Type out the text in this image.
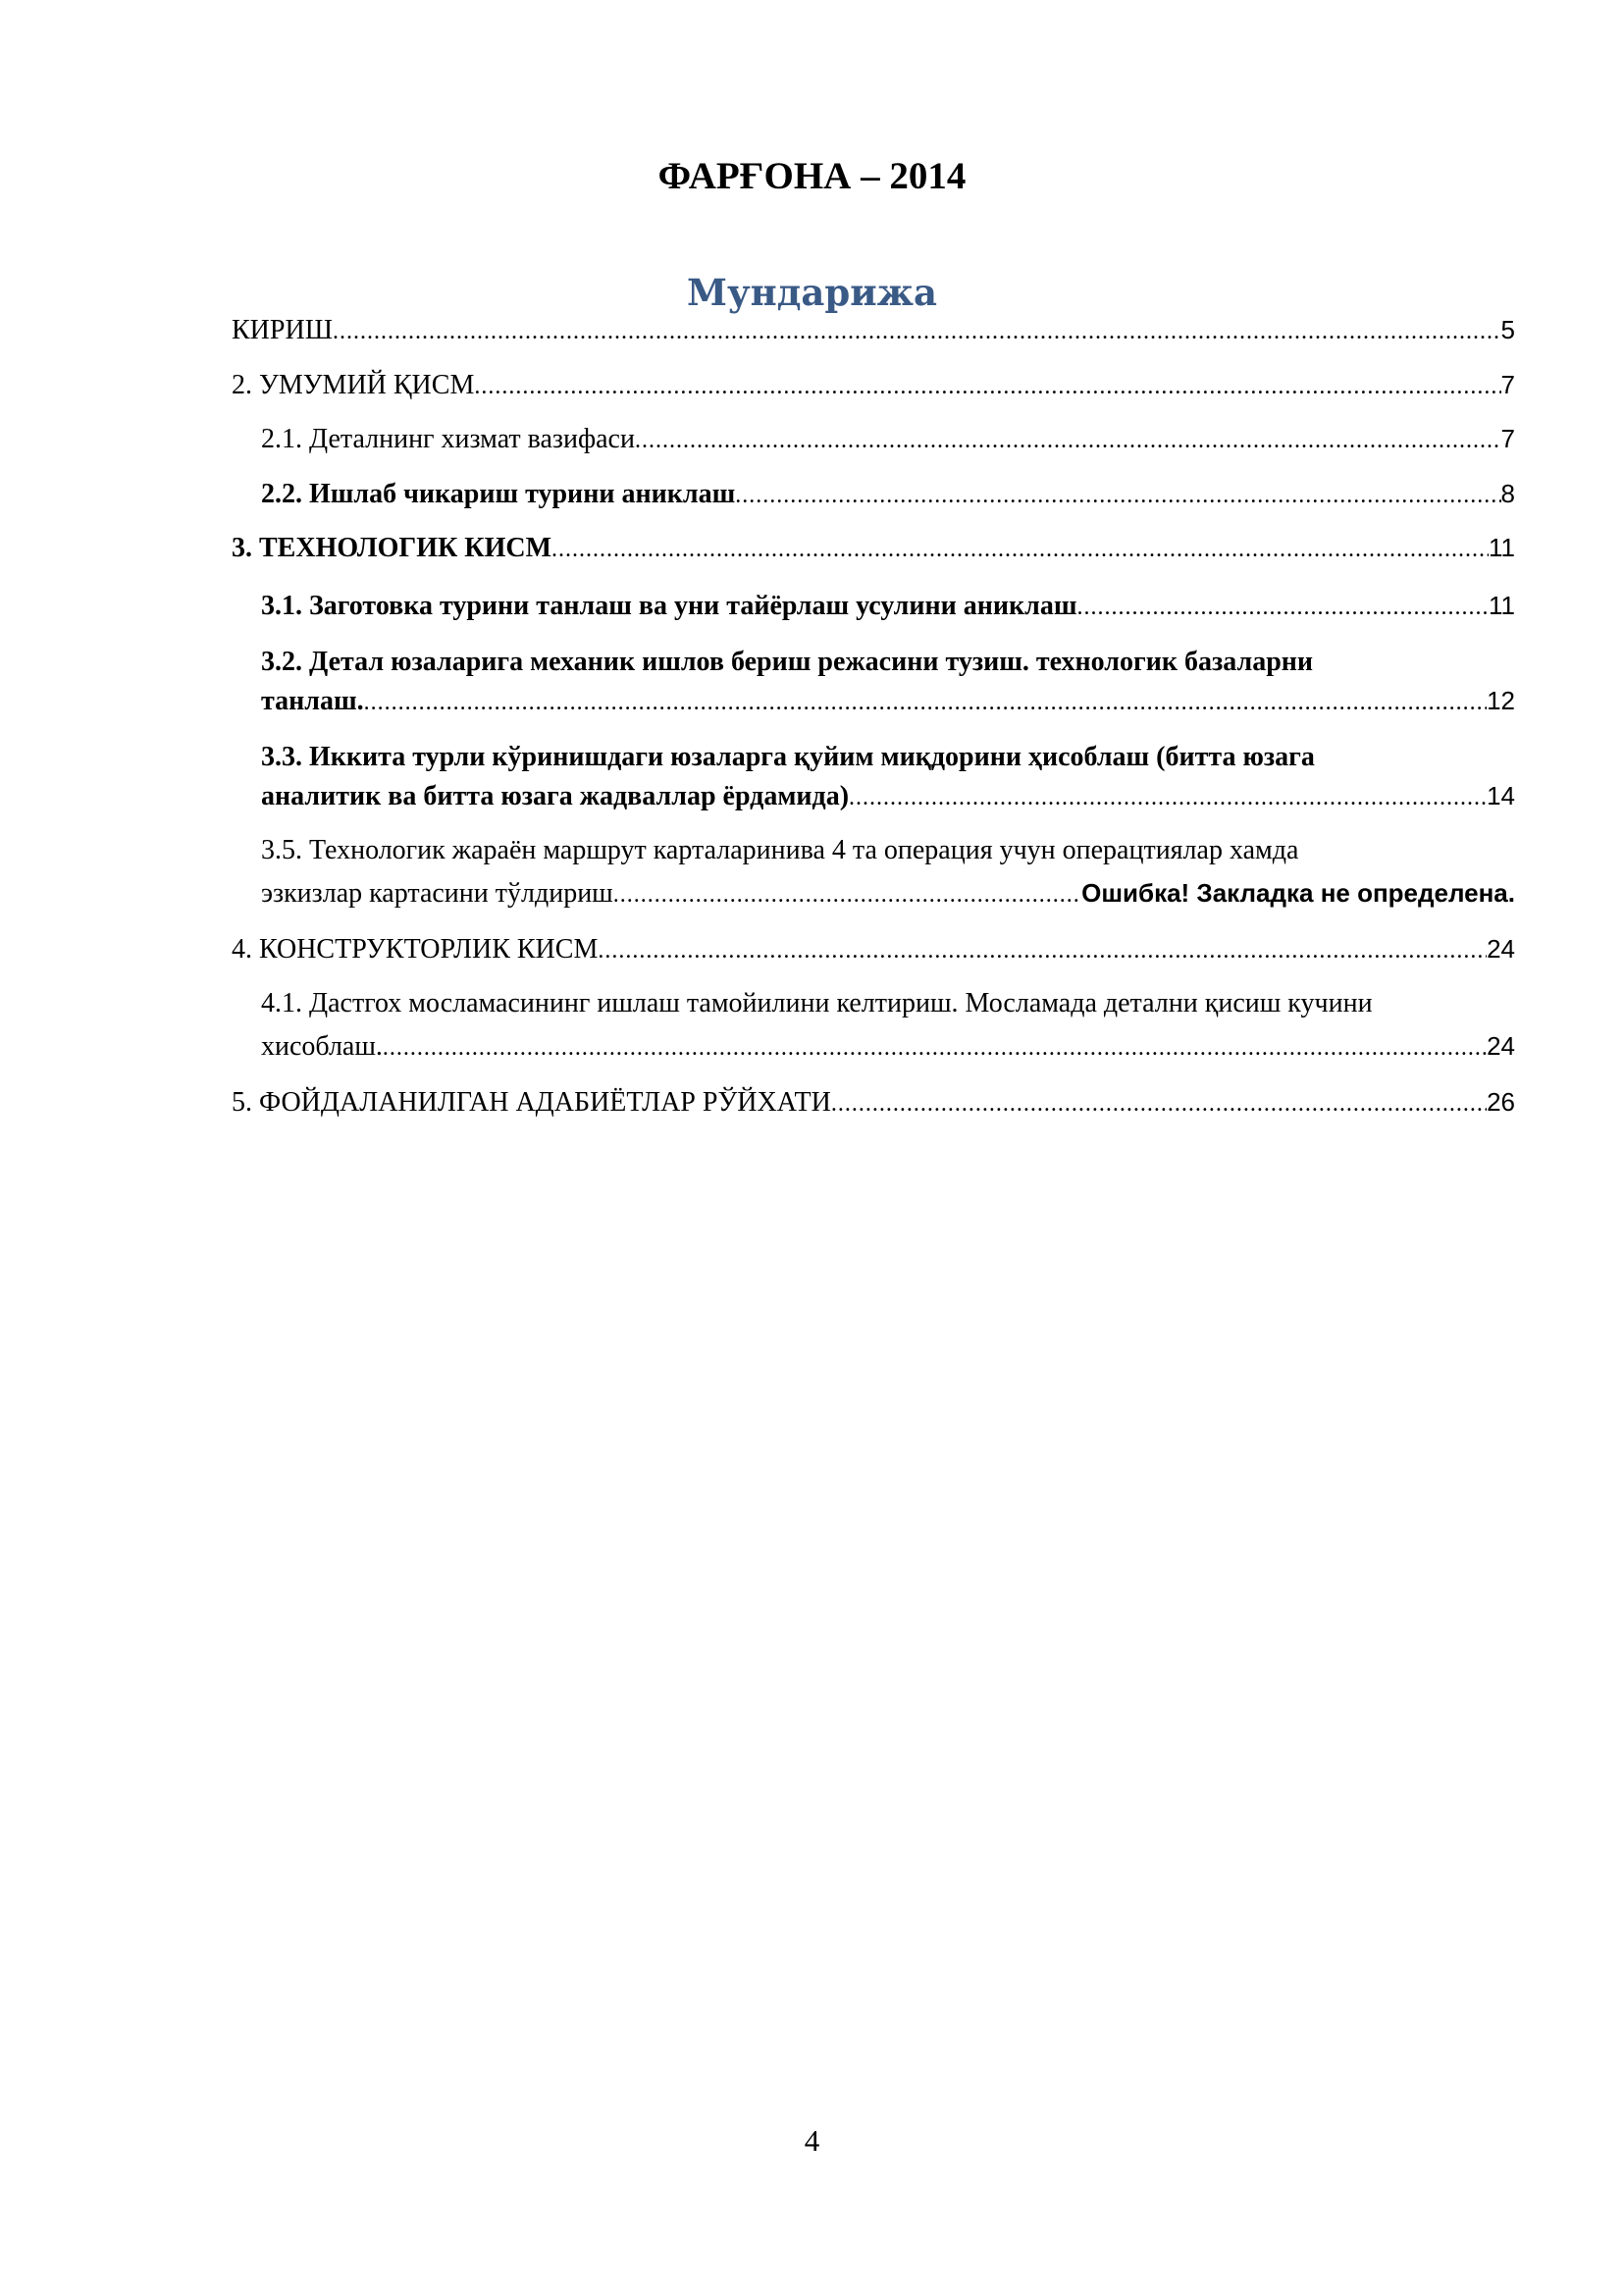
ФАРҒОНА – 2014
Мундарижа
КИРИШ .....	5
2. УМУМИЙ ҚИСМ .....	7
2.1. Деталнинг хизмат вазифаси .....	7
2.2. Ишлаб чикариш турини аниклаш .....	8
3. ТЕХНОЛОГИК КИСМ .....	11
3.1. Заготовка турини танлаш ва уни тайёрлаш усулини аниклаш .....	11
3.2. Детал юзаларига механик ишлов бериш режасини тузиш. технологик базаларни
танлаш. .....	12
3.3. Иккита турли кўринишдаги юзаларга қуйим миқдорини ҳисоблаш (битта юзага
аналитик ва битта юзага жадваллар ёрдамида) .....	14
3.5. Технологик жараён маршрут карталаринива 4 та операция учун операцтиялар хамда
эзкизлар картасини тўлдириш .....	Ошибка! Закладка не определена.
4. КОНСТРУКТОРЛИК КИСМ .....	24
4.1. Дастгох мосламасининг ишлаш тамойилини келтириш. Мосламада детални қисиш кучини
хисоблаш. .....	24
5. ФОЙДАЛАНИЛГАН АДАБИЁТЛАР РЎЙХАТИ .....	26
4
